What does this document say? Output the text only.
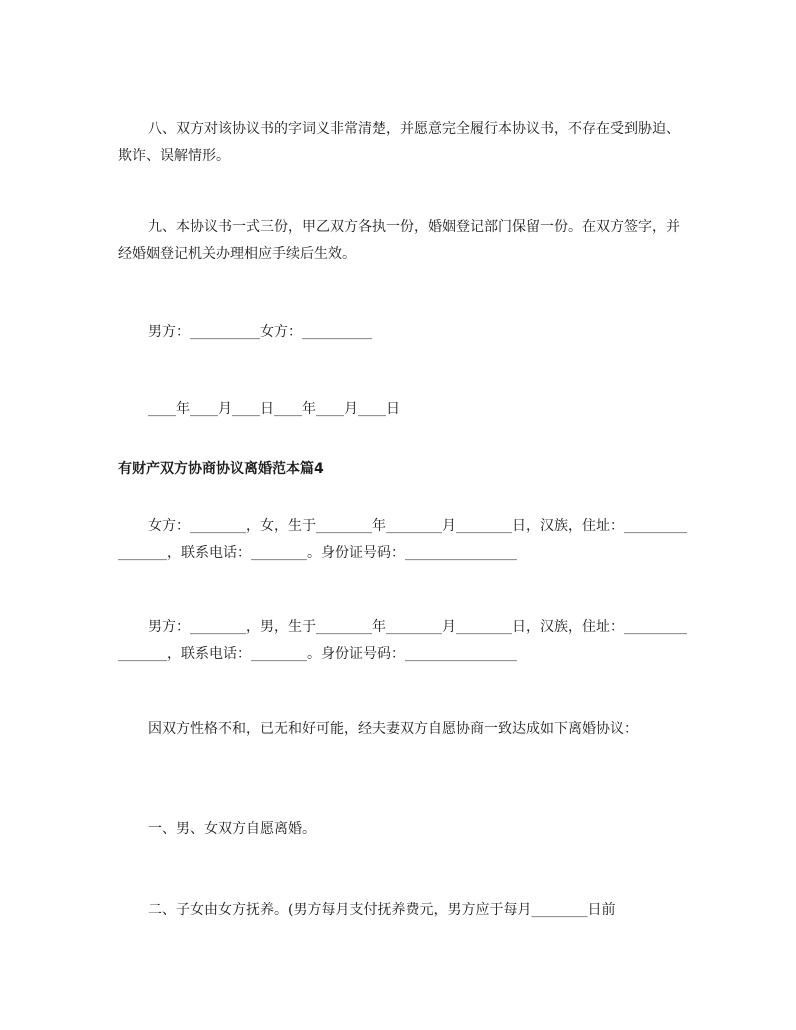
八、双方对该协议书的字词义非常清楚，并愿意完全履行本协议书，不存在受到胁迫、欺诈、误解情形。

九、本协议书一式三份，甲乙双方各执一份，婚姻登记部门保留一份。在双方签字，并经婚姻登记机关办理相应手续后生效。

男方：__________女方：__________

____年____月____日____年____月____日

有财产双方协商协议离婚范本篇4

女方：________，女，生于________年________月________日，汉族，住址：________________，联系电话：________。身份证号码：________________

男方：________，男，生于________年________月________日，汉族，住址：________________，联系电话：________。身份证号码：________________

因双方性格不和，已无和好可能，经夫妻双方自愿协商一致达成如下离婚协议：

一、男、女双方自愿离婚。

二、子女由女方抚养。(男方每月支付抚养费元，男方应于每月________日前
